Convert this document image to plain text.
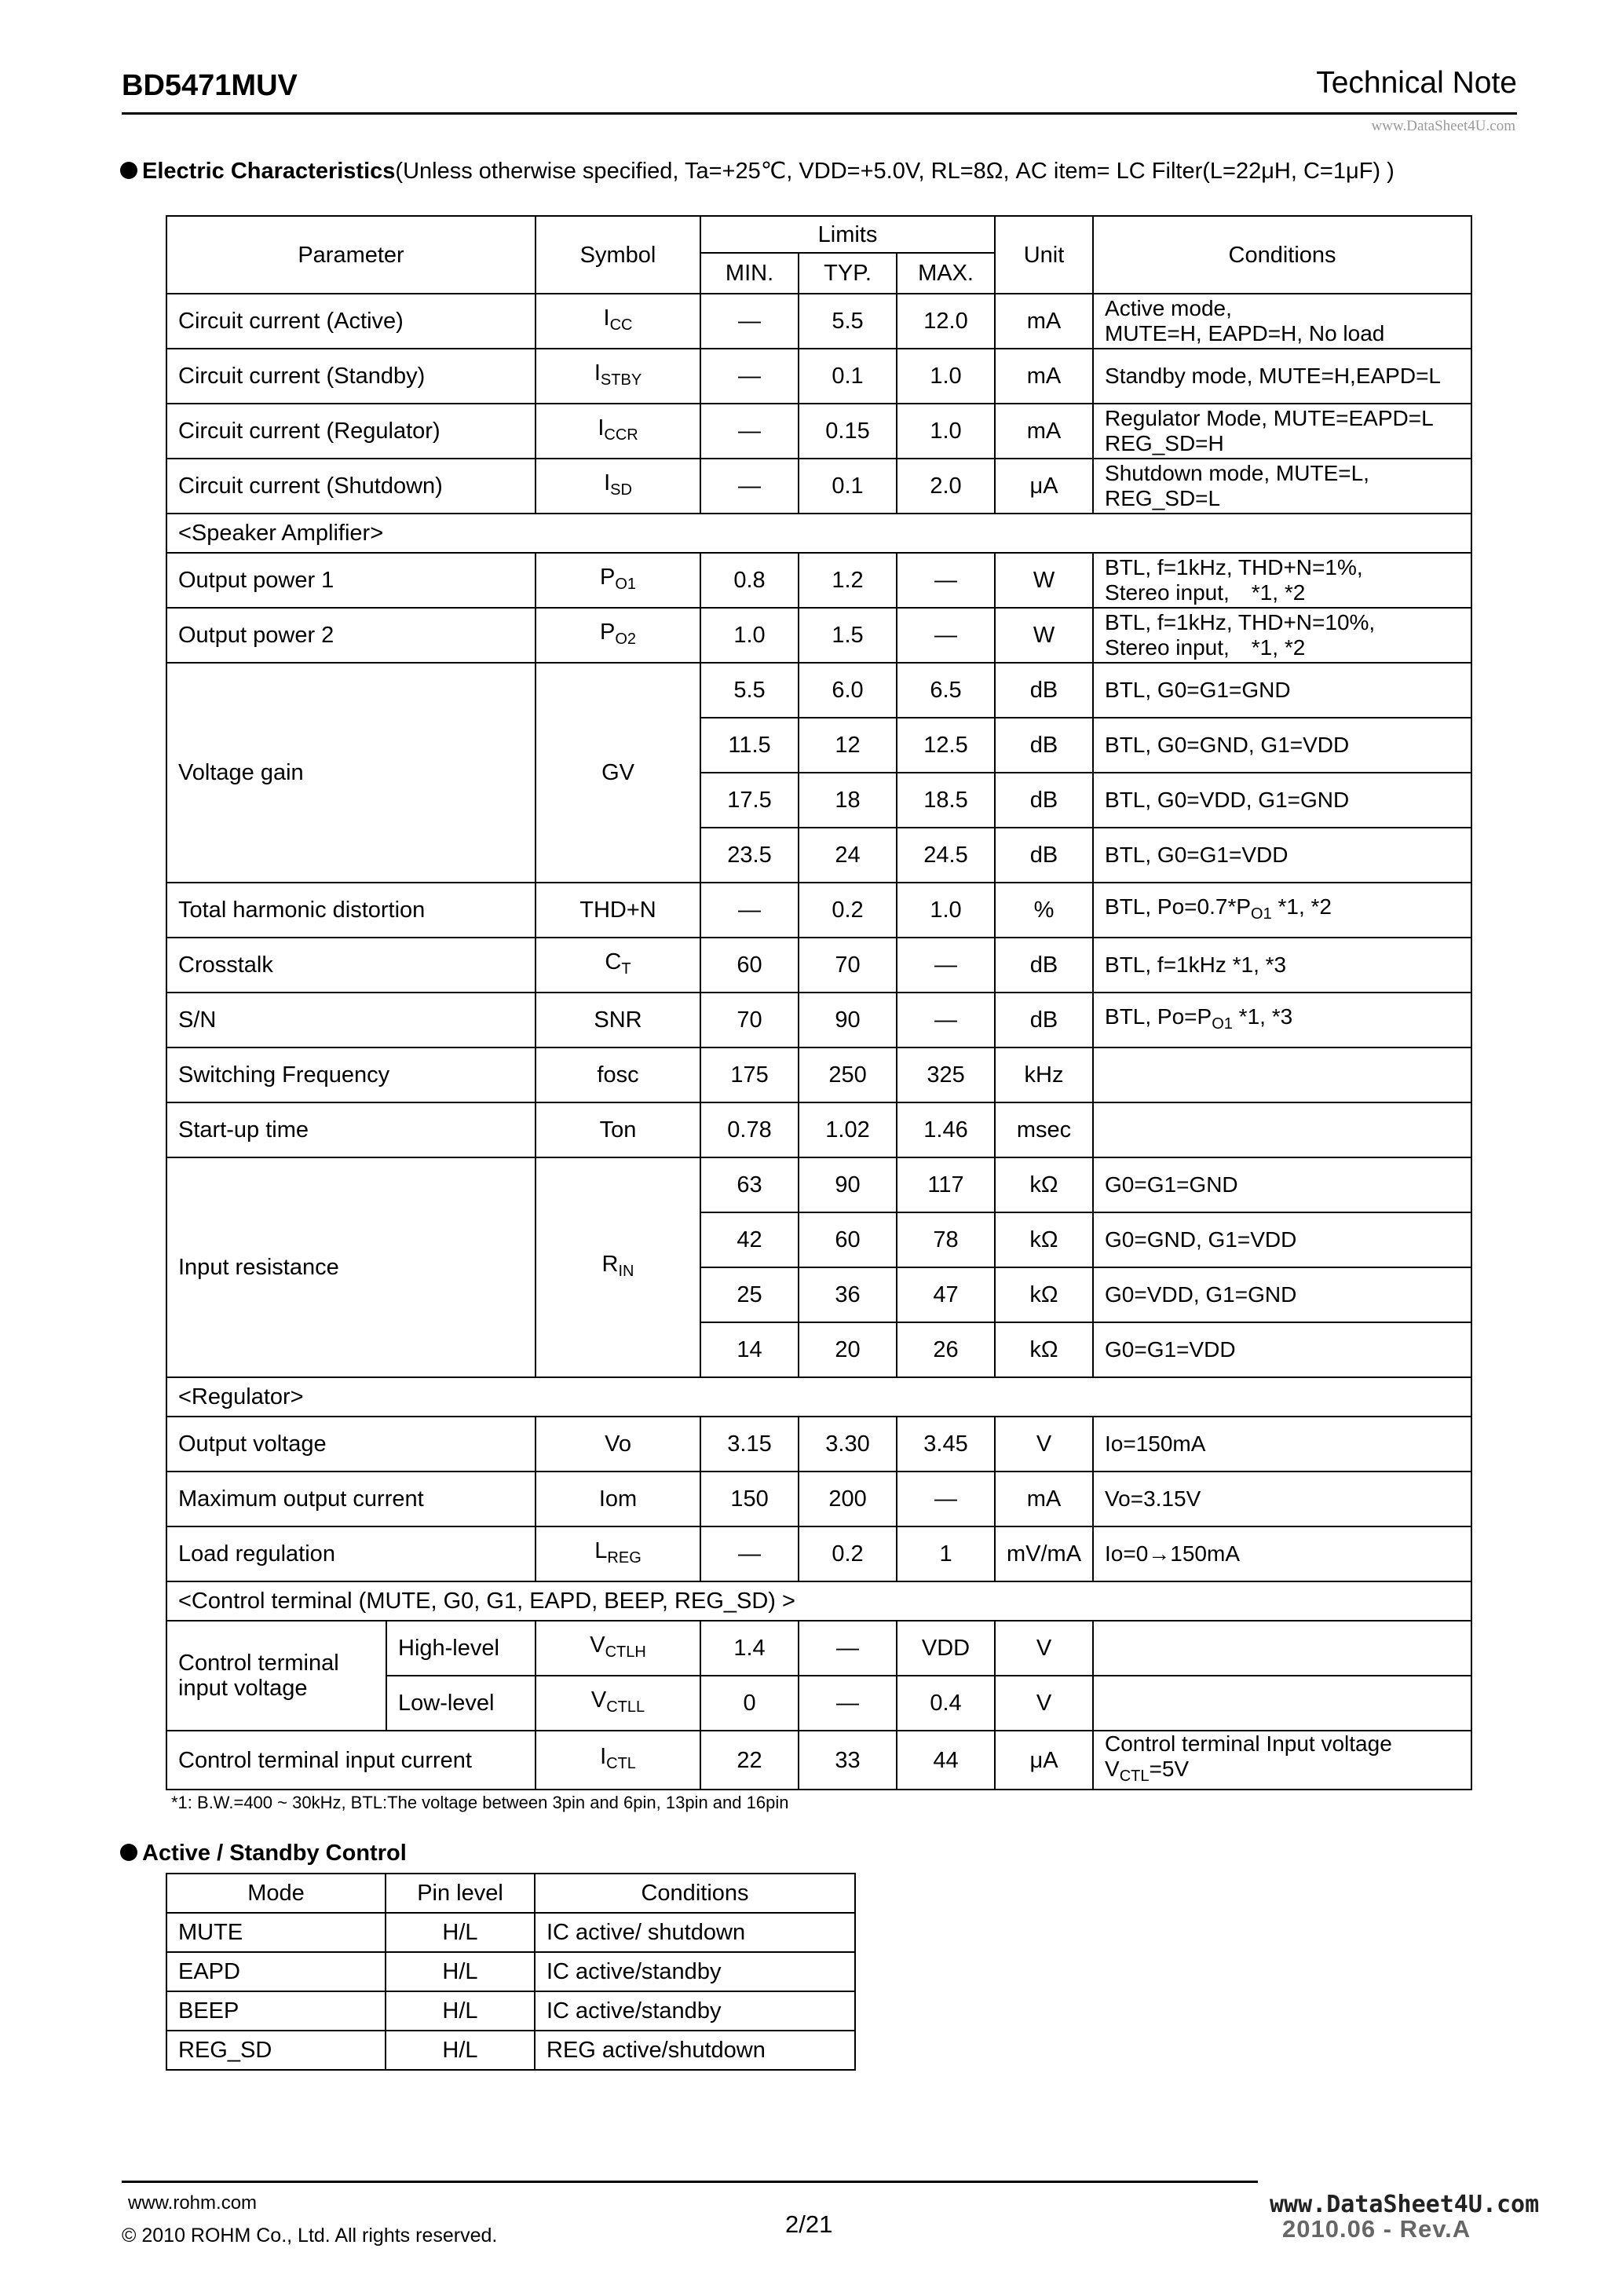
BD5471MUV	Technical Note
www.DataSheet4U.com
Electric Characteristics(Unless otherwise specified, Ta=+25℃, VDD=+5.0V, RL=8Ω, AC item= LC Filter(L=22μH, C=1μF) )
Parameter		Symbol	Limits			Unit	Conditions
			MIN.	TYP.	MAX.		
Circuit current (Active)		$I_{CC}$	—	5.5	12.0	mA	Active mode,
MUTE=H, EAPD=H, No load

Circuit current (Standby)		$I_{STBY}$	—	0.1	1.0	mA	Standby mode, MUTE=H,EAPD=L
Circuit current (Regulator)		$I_{CCR}$	—	0.15	1.0	mA	Regulator Mode, MUTE=EAPD=L
REG_SD=H

Circuit current (Shutdown)		$I_{SD}$	—	0.1	2.0	μA	Shutdown mode, MUTE=L,
REG_SD=L

<Speaker Amplifier>							
Output power 1		$P_{O1}$	0.8	1.2	—	W	BTL, f=1kHz, THD+N=1%,
Stereo input,　*1, *2

Output power 2		$P_{O2}$	1.0	1.5	—	W	BTL, f=1kHz, THD+N=10%,
Stereo input,　*1, *2

Voltage gain		GV	5.5	6.0	6.5	dB	BTL, G0=G1=GND
			11.5	12	12.5	dB	BTL, G0=GND, G1=VDD
			17.5	18	18.5	dB	BTL, G0=VDD, G1=GND
			23.5	24	24.5	dB	BTL, G0=G1=VDD
Total harmonic distortion		THD+N	—	0.2	1.0	%	BTL, $Po=0.7*P_{O1}$ *1, *2
Crosstalk		$C_T$	60	70	—	dB	BTL, f=1kHz *1, *3
S/N		SNR	70	90	—	dB	BTL, $Po=P_{O1}$ *1, *3
Switching Frequency		fosc	175	250	325	kHz	
Start-up time		Ton	0.78	1.02	1.46	msec	
Input resistance		$R_{IN}$	63	90	117	kΩ	G0=G1=GND
			42	60	78	kΩ	G0=GND, G1=VDD
			25	36	47	kΩ	G0=VDD, G1=GND
			14	20	26	kΩ	G0=G1=VDD
<Regulator>							
Output voltage		Vo	3.15	3.30	3.45	V	Io=150mA
Maximum output current		Iom	150	200	—	mA	Vo=3.15V
Load regulation		$L_{REG}$	—	0.2	1	mV/mA	Io=0→150mA
<Control terminal (MUTE, G0, G1, EAPD, BEEP, REG_SD) >							

Control terminal
input voltage	High-level	$V_{CTLH}$	1.4	—	VDD	V	
	Low-level	$V_{CTLL}$	0	—	0.4	V	
Control terminal input current		$I_{CTL}$	22	33	44	μA	Control terminal Input voltage
$V_{CTL}=5V$
*1: B.W.=400 ~ 30kHz, BTL:The voltage between 3pin and 6pin, 13pin and 16pin
Active / Standby Control
Mode	Pin level	Conditions
MUTE	H/L	IC active/ shutdown
EAPD	H/L	IC active/standby
BEEP	H/L	IC active/standby
REG_SD	H/L	REG active/shutdown
www.rohm.com
© 2010 ROHM Co., Ltd. All rights reserved.	2/21	2010.06 - Rev.A
www.DataSheet4U.com
